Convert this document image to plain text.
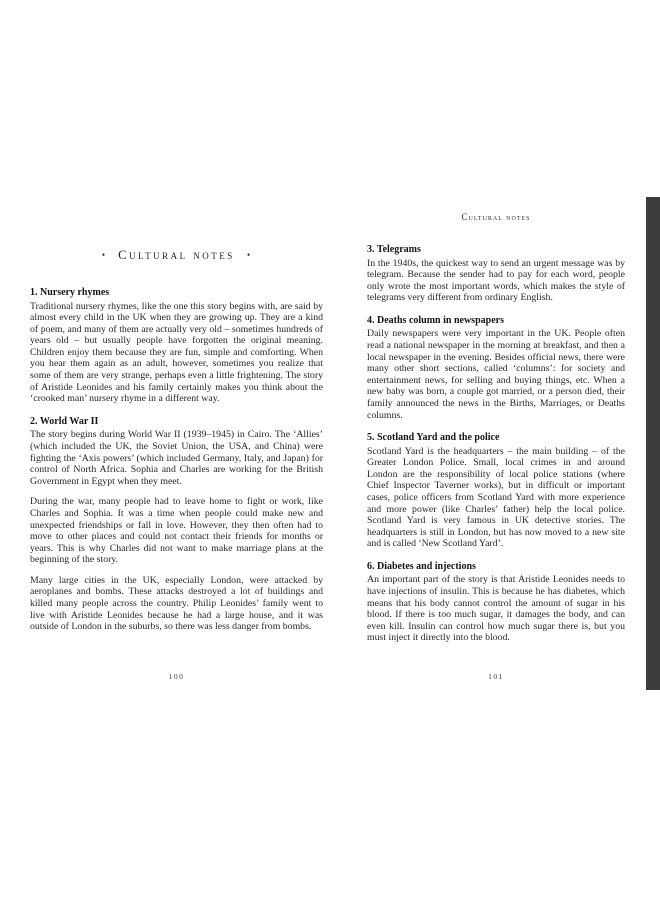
• Cultural notes •
1. Nursery rhymes

Traditional nursery rhymes, like the one this story begins with, are said by almost every child in the UK when they are growing up. They are a kind of poem, and many of them are actually very old – sometimes hundreds of years old – but usually people have forgotten the original meaning. Children enjoy them because they are fun, simple and comforting. When you hear them again as an adult, however, sometimes you realize that some of them are very strange, perhaps even a little frightening. The story of Aristide Leonides and his family certainly makes you think about the ‘crooked man’ nursery rhyme in a different way.

2. World War II

The story begins during World War II (1939–1945) in Cairo. The ‘Allies’ (which included the UK, the Soviet Union, the USA, and China) were fighting the ‘Axis powers’ (which included Germany, Italy, and Japan) for control of North Africa. Sophia and Charles are working for the British Government in Egypt when they meet.

During the war, many people had to leave home to fight or work, like Charles and Sophia. It was a time when people could make new and unexpected friendships or fall in love. However, they then often had to move to other places and could not contact their friends for months or years. This is why Charles did not want to make marriage plans at the beginning of the story.

Many large cities in the UK, especially London, were attacked by aeroplanes and bombs. These attacks destroyed a lot of buildings and killed many people across the country. Philip Leonides’ family went to live with Aristide Leonides because he had a large house, and it was outside of London in the suburbs, so there was less danger from bombs.

Cultural notes
3. Telegrams

In the 1940s, the quickest way to send an urgent message was by telegram. Because the sender had to pay for each word, people only wrote the most important words, which makes the style of telegrams very different from ordinary English.

4. Deaths column in newspapers

Daily newspapers were very important in the UK. People often read a national newspaper in the morning at breakfast, and then a local newspaper in the evening. Besides official news, there were many other short sections, called ‘columns’: for society and entertainment news, for selling and buying things, etc. When a new baby was born, a couple got married, or a person died, their family announced the news in the Births, Marriages, or Deaths columns.

5. Scotland Yard and the police

Scotland Yard is the headquarters – the main building – of the Greater London Police. Small, local crimes in and around London are the responsibility of local police stations (where Chief Inspector Taverner works), but in difficult or important cases, police officers from Scotland Yard with more experience and more power (like Charles’ father) help the local police. Scotland Yard is very famous in UK detective stories. The headquarters is still in London, but has now moved to a new site and is called ‘New Scotland Yard’.

6. Diabetes and injections

An important part of the story is that Aristide Leonides needs to have injections of insulin. This is because he has diabetes, which means that his body cannot control the amount of sugar in his blood. If there is too much sugar, it damages the body, and can even kill. Insulin can control how much sugar there is, but you must inject it directly into the blood.

100	101
